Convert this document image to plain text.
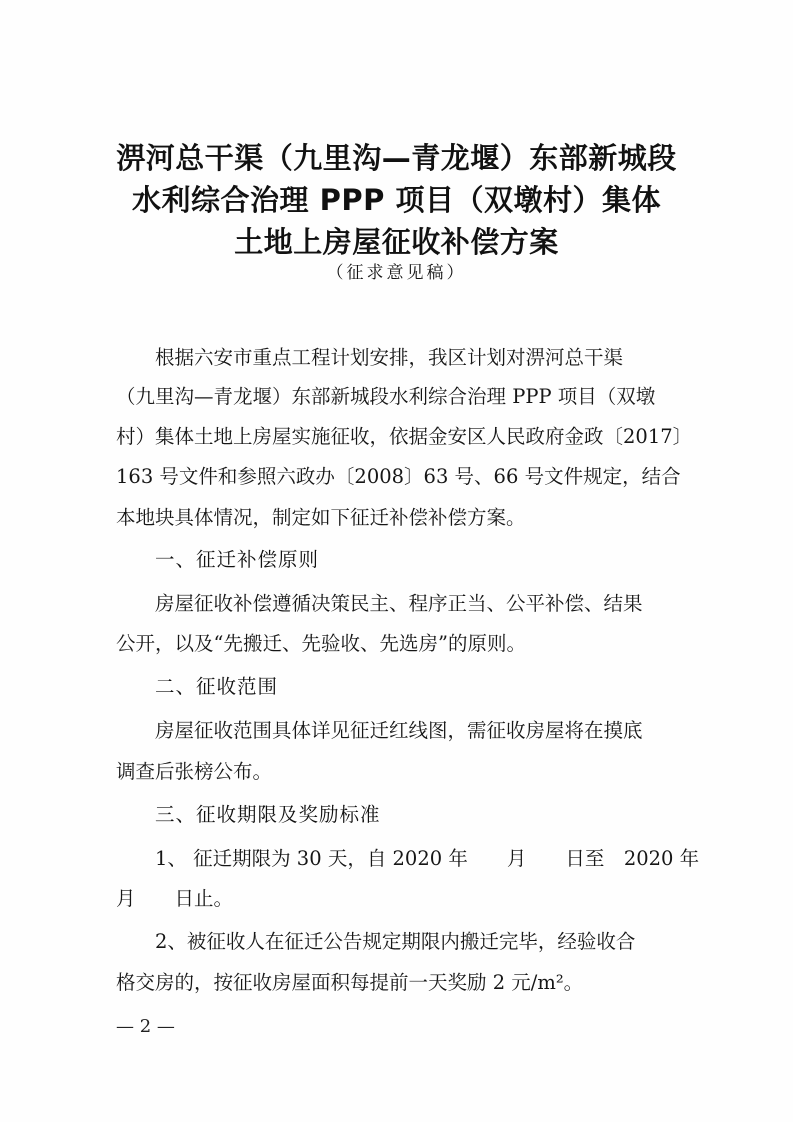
淠河总干渠（九里沟—青龙堰）东部新城段
水利综合治理 PPP 项目（双墩村）集体
土地上房屋征收补偿方案
（征求意见稿）
根据六安市重点工程计划安排，我区计划对淠河总干渠
（九里沟—青龙堰）东部新城段水利综合治理 PPP 项目（双墩
村）集体土地上房屋实施征收，依据金安区人民政府金政〔2017〕
163 号文件和参照六政办〔2008〕63 号、66 号文件规定，结合
本地块具体情况，制定如下征迁补偿补偿方案。
一、征迁补偿原则
房屋征收补偿遵循决策民主、程序正当、公平补偿、结果
公开，以及“先搬迁、先验收、先选房”的原则。
二、征收范围
房屋征收范围具体详见征迁红线图，需征收房屋将在摸底
调查后张榜公布。
三、征收期限及奖励标准
1、 征迁期限为 30 天，自 2020 年　　月　　日至　2020 年
月　　日止。
2、被征收人在征迁公告规定期限内搬迁完毕，经验收合
格交房的，按征收房屋面积每提前一天奖励 2 元/m²。
— 2 —
